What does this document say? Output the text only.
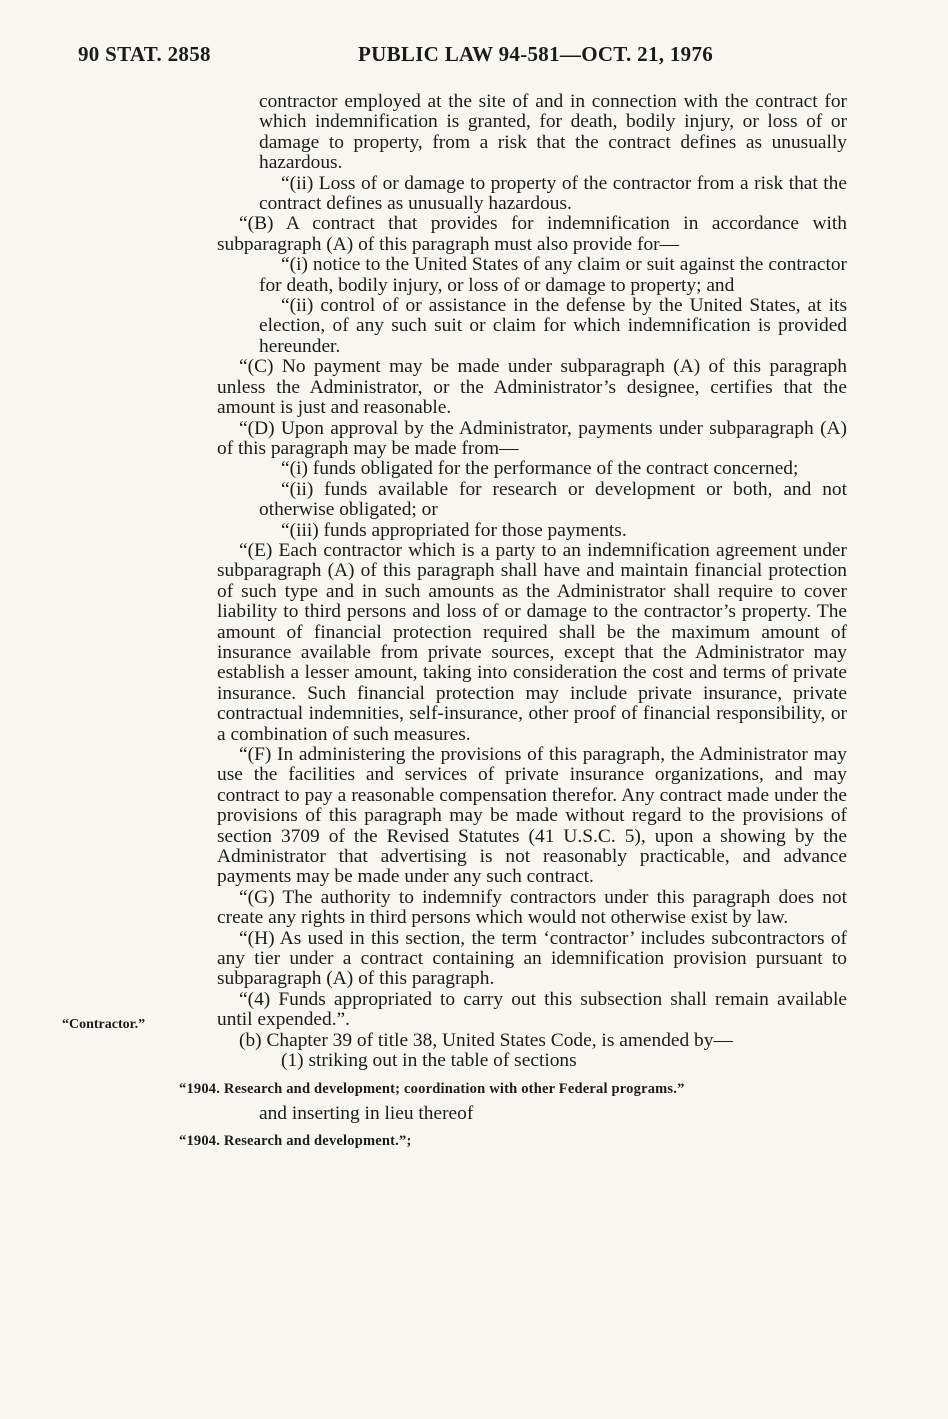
90 STAT. 2858	PUBLIC LAW 94-581—OCT. 21, 1976
“Contractor.”

contractor employed at the site of and in connection with the contract for which indemnification is granted, for death, bodily injury, or loss of or damage to property, from a risk that the contract defines as unusually hazardous.

“(ii) Loss of or damage to property of the contractor from a risk that the contract defines as unusually hazardous.

“(B) A contract that provides for indemnification in accordance with subparagraph (A) of this paragraph must also provide for—

“(i) notice to the United States of any claim or suit against the contractor for death, bodily injury, or loss of or damage to property; and

“(ii) control of or assistance in the defense by the United States, at its election, of any such suit or claim for which indemnification is provided hereunder.

“(C) No payment may be made under subparagraph (A) of this paragraph unless the Administrator, or the Administrator’s designee, certifies that the amount is just and reasonable.

“(D) Upon approval by the Administrator, payments under subparagraph (A) of this paragraph may be made from—

“(i) funds obligated for the performance of the contract concerned;

“(ii) funds available for research or development or both, and not otherwise obligated; or

“(iii) funds appropriated for those payments.

“(E) Each contractor which is a party to an indemnification agreement under subparagraph (A) of this paragraph shall have and maintain financial protection of such type and in such amounts as the Administrator shall require to cover liability to third persons and loss of or damage to the contractor’s property. The amount of financial protection required shall be the maximum amount of insurance available from private sources, except that the Administrator may establish a lesser amount, taking into consideration the cost and terms of private insurance. Such financial protection may include private insurance, private contractual indemnities, self-insurance, other proof of financial responsibility, or a combination of such measures.

“(F) In administering the provisions of this paragraph, the Administrator may use the facilities and services of private insurance organizations, and may contract to pay a reasonable compensation therefor. Any contract made under the provisions of this paragraph may be made without regard to the provisions of section 3709 of the Revised Statutes (41 U.S.C. 5), upon a showing by the Administrator that advertising is not reasonably practicable, and advance payments may be made under any such contract.

“(G) The authority to indemnify contractors under this paragraph does not create any rights in third persons which would not otherwise exist by law.

“(H) As used in this section, the term ‘contractor’ includes subcontractors of any tier under a contract containing an idemnification provision pursuant to subparagraph (A) of this paragraph.

“(4) Funds appropriated to carry out this subsection shall remain available until expended.”.

(b) Chapter 39 of title 38, United States Code, is amended by—

(1) striking out in the table of sections

“1904. Research and development; coordination with other Federal programs.”

and inserting in lieu thereof

“1904. Research and development.”;
